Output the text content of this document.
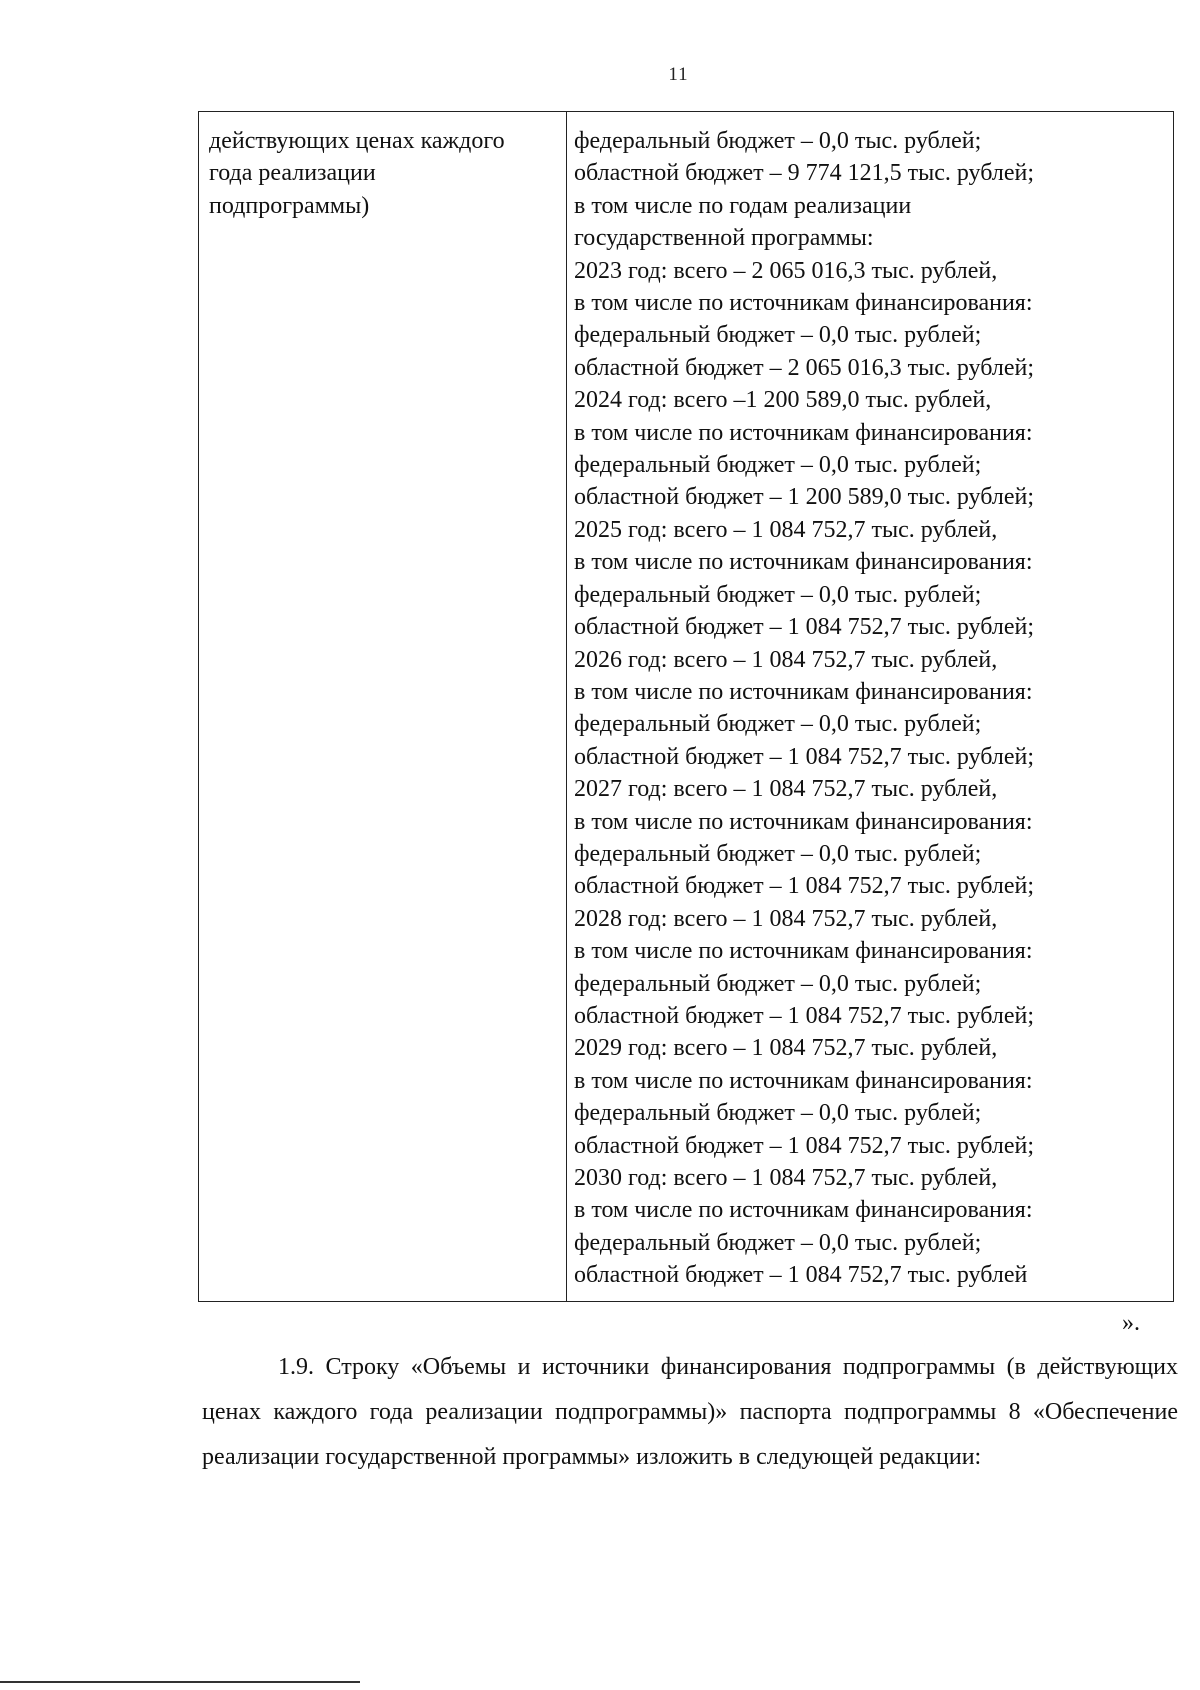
11
действующих ценах каждого
года реализации
подпрограммы)
федеральный бюджет – 0,0 тыс. рублей;
областной бюджет – 9 774 121,5 тыс. рублей;
в том числе по годам реализации
государственной программы:
2023 год: всего – 2 065 016,3 тыс. рублей,
в том числе по источникам финансирования:
федеральный бюджет – 0,0 тыс. рублей;
областной бюджет – 2 065 016,3 тыс. рублей;
2024 год: всего –1 200 589,0 тыс. рублей,
в том числе по источникам финансирования:
федеральный бюджет – 0,0 тыс. рублей;
областной бюджет – 1 200 589,0 тыс. рублей;
2025 год: всего – 1 084 752,7 тыс. рублей,
в том числе по источникам финансирования:
федеральный бюджет – 0,0 тыс. рублей;
областной бюджет – 1 084 752,7 тыс. рублей;
2026 год: всего – 1 084 752,7 тыс. рублей,
в том числе по источникам финансирования:
федеральный бюджет – 0,0 тыс. рублей;
областной бюджет – 1 084 752,7 тыс. рублей;
2027 год: всего – 1 084 752,7 тыс. рублей,
в том числе по источникам финансирования:
федеральный бюджет – 0,0 тыс. рублей;
областной бюджет – 1 084 752,7 тыс. рублей;
2028 год: всего – 1 084 752,7 тыс. рублей,
в том числе по источникам финансирования:
федеральный бюджет – 0,0 тыс. рублей;
областной бюджет – 1 084 752,7 тыс. рублей;
2029 год: всего – 1 084 752,7 тыс. рублей,
в том числе по источникам финансирования:
федеральный бюджет – 0,0 тыс. рублей;
областной бюджет – 1 084 752,7 тыс. рублей;
2030 год: всего – 1 084 752,7 тыс. рублей,
в том числе по источникам финансирования:
федеральный бюджет – 0,0 тыс. рублей;
областной бюджет – 1 084 752,7 тыс. рублей
».
1.9. Строку «Объемы и источники финансирования подпрограммы (в действующих ценах каждого года реализации подпрограммы)» паспорта подпрограммы 8 «Обеспечение реализации государственной программы» изложить в следующей редакции:
